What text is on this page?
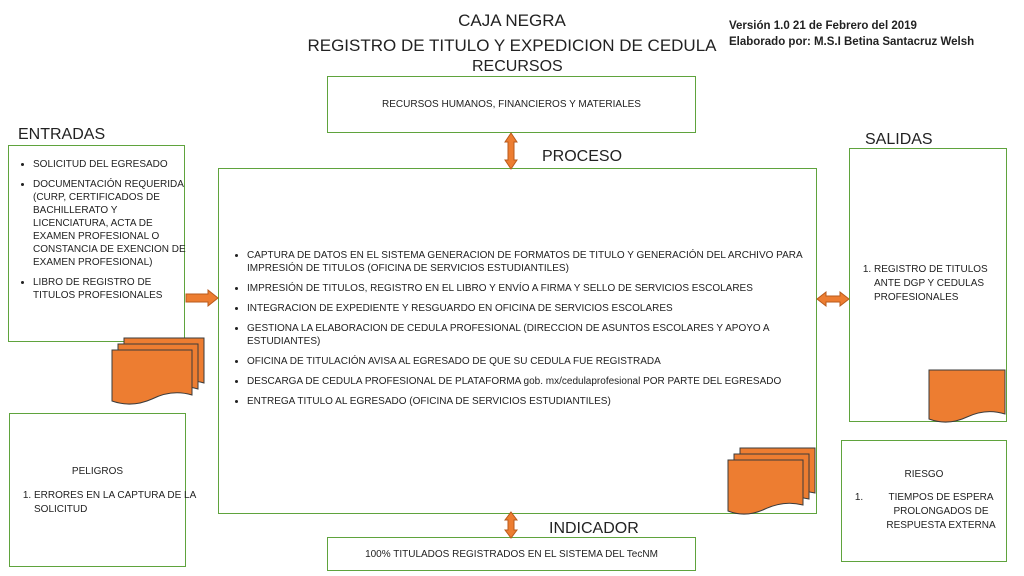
CAJA NEGRA
REGISTRO DE TITULO Y EXPEDICION DE CEDULA
Versión 1.0 21 de Febrero del 2019
Elaborado por: M.S.I Betina Santacruz Welsh
RECURSOS
RECURSOS HUMANOS, FINANCIEROS Y MATERIALES
ENTRADAS
• SOLICITUD DEL EGRESADO
• DOCUMENTACIÓN REQUERIDA (CURP, CERTIFICADOS DE BACHILLERATO Y LICENCIATURA, ACTA DE EXAMEN PROFESIONAL O CONSTANCIA DE EXENCION DE EXAMEN PROFESIONAL)
• LIBRO DE REGISTRO DE TITULOS PROFESIONALES
PROCESO
• CAPTURA DE DATOS EN EL SISTEMA GENERACION DE FORMATOS DE TITULO Y GENERACIÓN DEL ARCHIVO PARA IMPRESIÓN DE TITULOS (OFICINA DE SERVICIOS ESTUDIANTILES)
• IMPRESIÓN DE TITULOS, REGISTRO EN EL LIBRO Y ENVÍO A FIRMA Y SELLO DE SERVICIOS ESCOLARES
• INTEGRACION DE EXPEDIENTE Y RESGUARDO EN OFICINA DE SERVICIOS ESCOLARES
• GESTIONA LA ELABORACION DE CEDULA PROFESIONAL (DIRECCION DE ASUNTOS ESCOLARES Y APOYO A ESTUDIANTES)
• OFICINA DE TITULACIÓN AVISA AL EGRESADO DE QUE SU CEDULA FUE REGISTRADA
• DESCARGA DE CEDULA PROFESIONAL DE PLATAFORMA gob. mx/cedulaprofesional POR PARTE DEL EGRESADO
• ENTREGA TITULO AL EGRESADO (OFICINA DE SERVICIOS ESTUDIANTILES)
SALIDAS
1. REGISTRO DE TITULOS ANTE DGP Y CEDULAS PROFESIONALES
PELIGROS
1. ERRORES EN LA CAPTURA DE LA SOLICITUD
RIESGO
1. TIEMPOS DE ESPERA PROLONGADOS DE RESPUESTA EXTERNA
INDICADOR
100% TITULADOS REGISTRADOS EN EL SISTEMA DEL TecNM
